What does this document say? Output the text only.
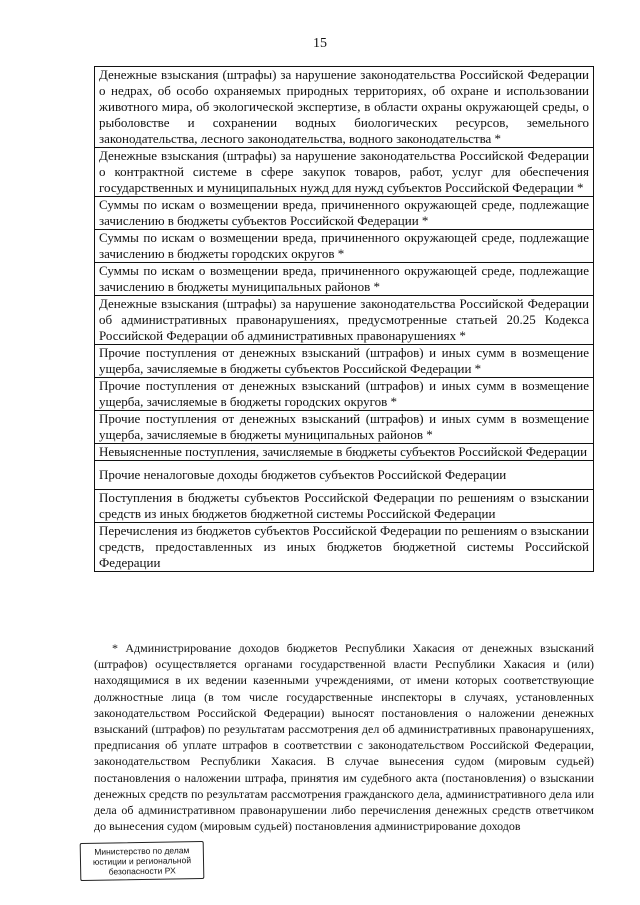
15
Денежные взыскания (штрафы) за нарушение законодательства Российской Федерации о недрах, об особо охраняемых природных территориях, об охране и использовании животного мира, об экологической экспертизе, в области охраны окружающей среды, о рыболовстве и сохранении водных биологических ресурсов, земельного законодательства, лесного законодательства, водного законодательства *
Денежные взыскания (штрафы) за нарушение законодательства Российской Федерации о контрактной системе в сфере закупок товаров, работ, услуг для обеспечения государственных и муниципальных нужд для нужд субъектов Российской Федерации *
Суммы по искам о возмещении вреда, причиненного окружающей среде, подлежащие зачислению в бюджеты субъектов Российской Федерации *
Суммы по искам о возмещении вреда, причиненного окружающей среде, подлежащие зачислению в бюджеты городских округов *
Суммы по искам о возмещении вреда, причиненного окружающей среде, подлежащие зачислению в бюджеты муниципальных районов *
Денежные взыскания (штрафы) за нарушение законодательства Российской Федерации об административных правонарушениях, предусмотренные статьей 20.25 Кодекса Российской Федерации об административных правонарушениях *
Прочие поступления от денежных взысканий (штрафов) и иных сумм в возмещение ущерба, зачисляемые в бюджеты субъектов Российской Федерации *
Прочие поступления от денежных взысканий (штрафов) и иных сумм в возмещение ущерба, зачисляемые в бюджеты городских округов *
Прочие поступления от денежных взысканий (штрафов) и иных сумм в возмещение ущерба, зачисляемые в бюджеты муниципальных районов *
Невыясненные поступления, зачисляемые в бюджеты субъектов Российской Федерации
Прочие неналоговые доходы бюджетов субъектов Российской Федерации
Поступления в бюджеты субъектов Российской Федерации по решениям о взыскании средств из иных бюджетов бюджетной системы Российской Федерации
Перечисления из бюджетов субъектов Российской Федерации по решениям о взыскании средств, предоставленных из иных бюджетов бюджетной системы Российской Федерации
* Администрирование доходов бюджетов Республики Хакасия от денежных взысканий (штрафов) осуществляется органами государственной власти Республики Хакасия и (или) находящимися в их ведении казенными учреждениями, от имени которых соответствующие должностные лица (в том числе государственные инспекторы в случаях, установленных законодательством Российской Федерации) выносят постановления о наложении денежных взысканий (штрафов) по результатам рассмотрения дел об административных правонарушениях, предписания об уплате штрафов в соответствии с законодательством Российской Федерации, законодательством Республики Хакасия. В случае вынесения судом (мировым судьей) постановления о наложении штрафа, принятия им судебного акта (постановления) о взыскании денежных средств по результатам рассмотрения гражданского дела, административного дела или дела об административном правонарушении либо перечисления денежных средств ответчиком до вынесения судом (мировым судьей) постановления администрирование доходов
Министерство по делам
юстиции и региональной
безопасности РХ
